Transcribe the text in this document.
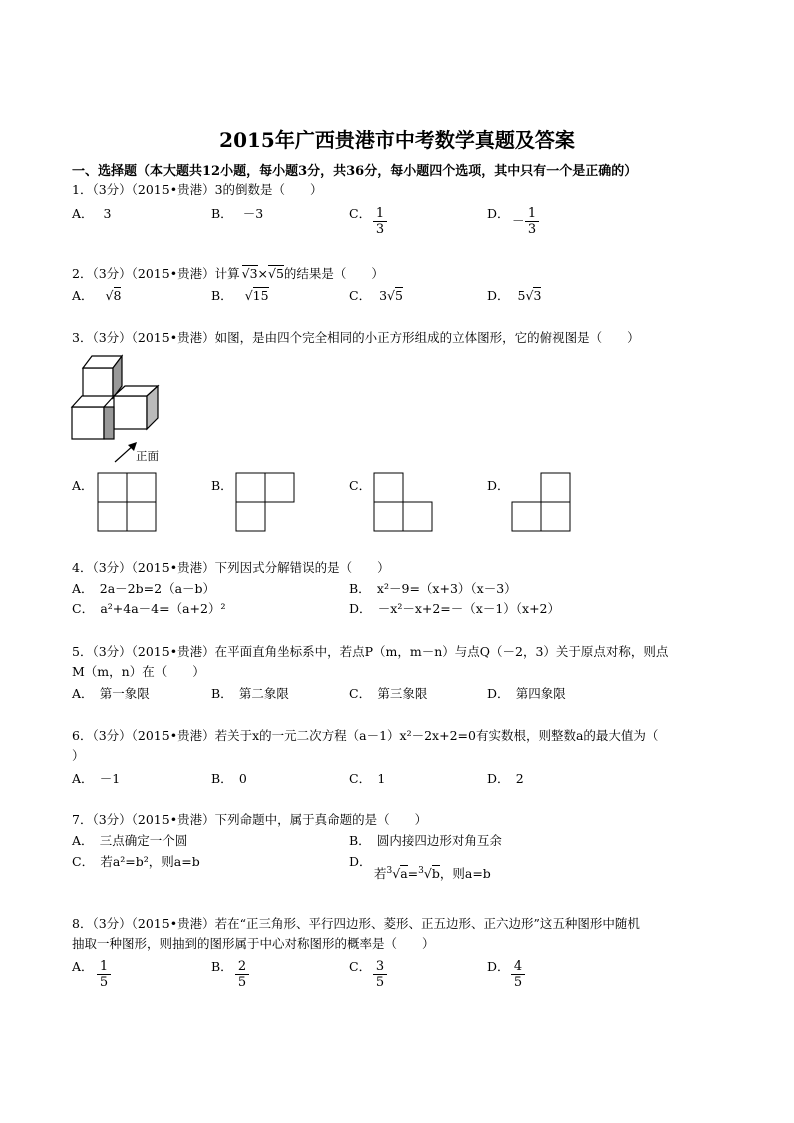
2015年广西贵港市中考数学真题及答案
一、选择题（本大题共12小题，每小题3分，共36分，每小题四个选项，其中只有一个是正确的）
1．（3分）（2015•贵港）3的倒数是（　　）
A． 3	B． －3	C． $\frac{1}{3}$	D． － $\frac{1}{3}$
2．（3分）（2015•贵港）计算 √3×√5的结果是（　　）
A． √8	B． √15	C． 3√5	D． 5√3
3．（3分）（2015•贵港）如图，是由四个完全相同的小正方形组成的立体图形，它的俯视图是（　　）
正面
A．	B．	C．	D．
4．（3分）（2015•贵港）下列因式分解错误的是（　　）
A．　2a－2b=2（a－b）	B．　x²－9=（x+3）（x－3）
C．　a²+4a－4=（a+2）²	D．　－x²－x+2=－（x－1）（x+2）
5．（3分）（2015•贵港）在平面直角坐标系中，若点P（m，m－n）与点Q（－2，3）关于原点对称，则点
M（m，n）在（　　）
A．　第一象限	B．　第二象限	C．　第三象限	D．　第四象限
6．（3分）（2015•贵港）若关于x的一元二次方程（a－1）x²－2x+2=0有实数根，则整数a的最大值为（
）
A．　－1	B．　0	C．　1	D．　2
7．（3分）（2015•贵港）下列命题中，属于真命题的是（　　）
A．　三点确定一个圆	B．　圆内接四边形对角互余
C．　若a²=b²，则a=b	D．
若$^3$√a=$^3$√b，则a=b
8．（3分）（2015•贵港）若在“正三角形、平行四边形、菱形、正五边形、正六边形”这五种图形中随机
抽取一种图形，则抽到的图形属于中心对称图形的概率是（　　）
A． $\frac{1}{5}$	B． $\frac{2}{5}$	C． $\frac{3}{5}$	D． $\frac{4}{5}$
